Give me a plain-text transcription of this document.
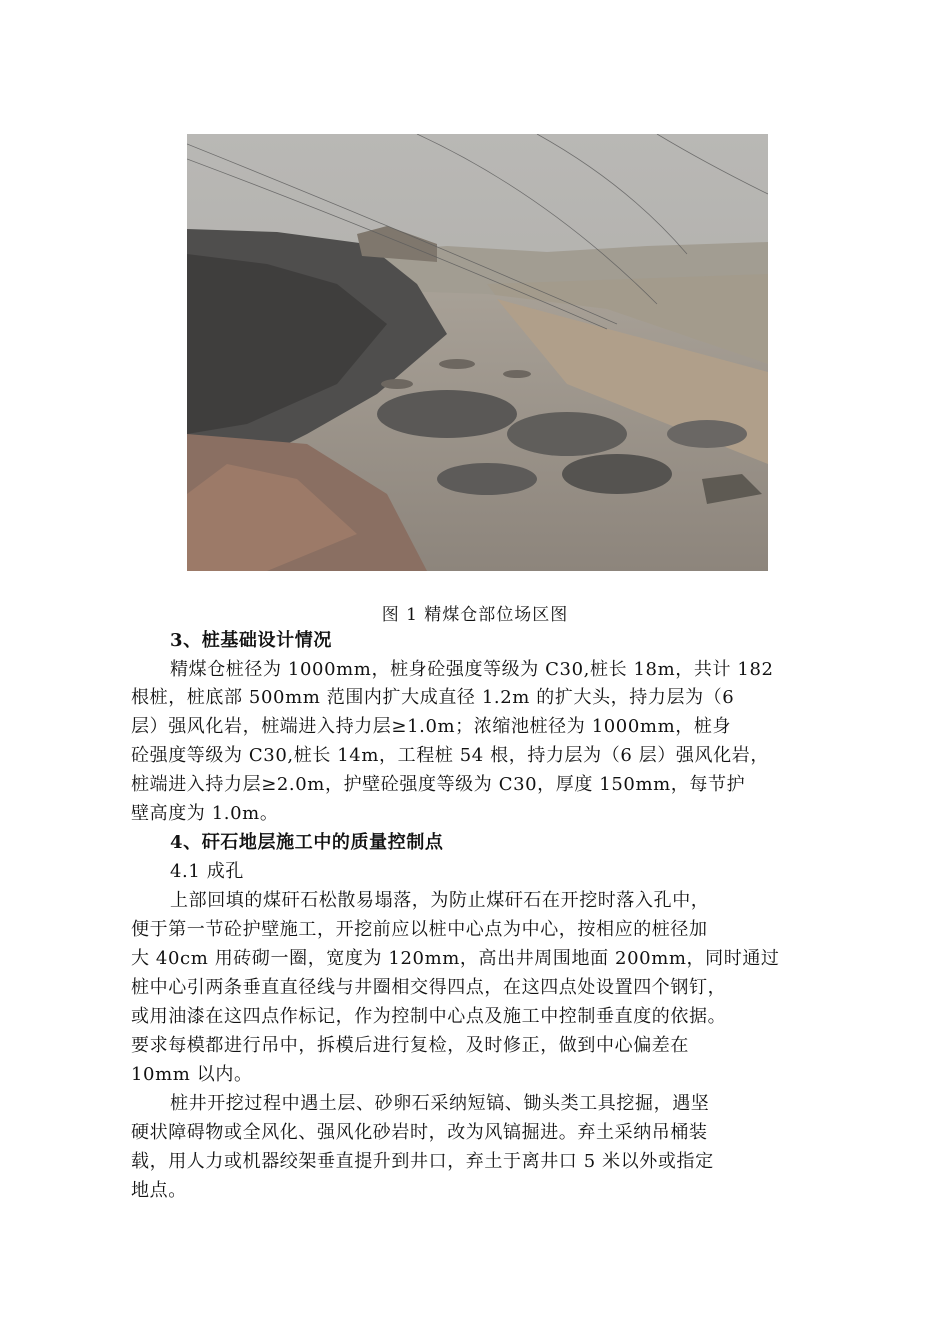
图 1 精煤仓部位场区图
3、桩基础设计情况
精煤仓桩径为 1000mm，桩身砼强度等级为 C30,桩长 18m，共计 182
根桩，桩底部 500mm 范围内扩大成直径 1.2m 的扩大头，持力层为（6
层）强风化岩，桩端进入持力层≥1.0m；浓缩池桩径为 1000mm，桩身
砼强度等级为 C30,桩长 14m，工程桩 54 根，持力层为（6 层）强风化岩，
桩端进入持力层≥2.0m，护壁砼强度等级为 C30，厚度 150mm，每节护
壁高度为 1.0m。
4、矸石地层施工中的质量控制点
4.1 成孔
上部回填的煤矸石松散易塌落，为防止煤矸石在开挖时落入孔中，
便于第一节砼护壁施工，开挖前应以桩中心点为中心，按相应的桩径加
大 40cm 用砖砌一圈，宽度为 120mm，高出井周围地面 200mm，同时通过
桩中心引两条垂直直径线与井圈相交得四点，在这四点处设置四个钢钉，
或用油漆在这四点作标记，作为控制中心点及施工中控制垂直度的依据。
要求每模都进行吊中，拆模后进行复检，及时修正，做到中心偏差在
10mm 以内。
桩井开挖过程中遇土层、砂卵石采纳短镐、锄头类工具挖掘，遇坚
硬状障碍物或全风化、强风化砂岩时，改为风镐掘进。弃土采纳吊桶装
载，用人力或机器绞架垂直提升到井口，弃土于离井口 5 米以外或指定
地点。
